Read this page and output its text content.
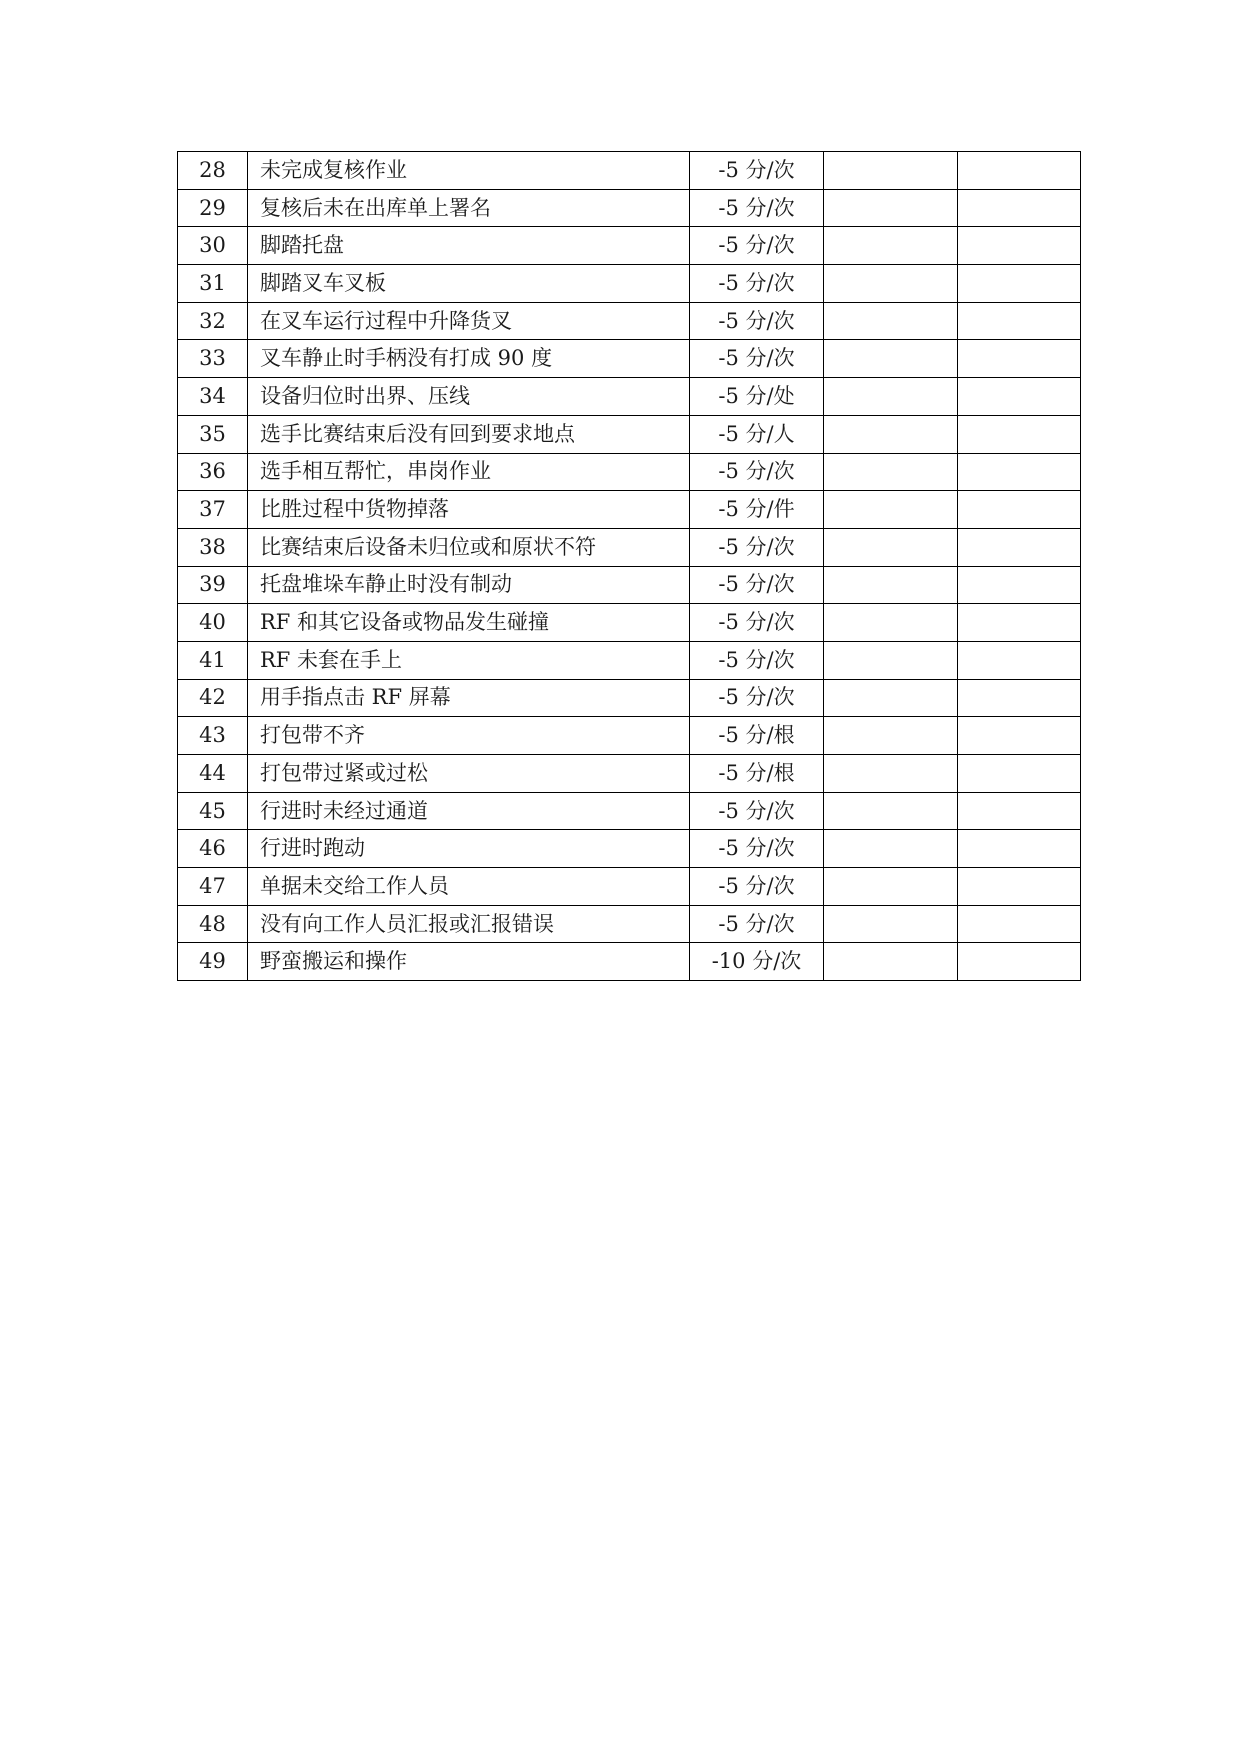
28	未完成复核作业	-5 分/次		
29	复核后未在出库单上署名	-5 分/次		
30	脚踏托盘	-5 分/次		
31	脚踏叉车叉板	-5 分/次		
32	在叉车运行过程中升降货叉	-5 分/次		
33	叉车静止时手柄没有打成 90 度	-5 分/次		
34	设备归位时出界、压线	-5 分/处		
35	选手比赛结束后没有回到要求地点	-5 分/人		
36	选手相互帮忙，串岗作业	-5 分/次		
37	比胜过程中货物掉落	-5 分/件		
38	比赛结束后设备未归位或和原状不符	-5 分/次		
39	托盘堆垛车静止时没有制动	-5 分/次		
40	RF 和其它设备或物品发生碰撞	-5 分/次		
41	RF 未套在手上	-5 分/次		
42	用手指点击 RF 屏幕	-5 分/次		
43	打包带不齐	-5 分/根		
44	打包带过紧或过松	-5 分/根		
45	行进时未经过通道	-5 分/次		
46	行进时跑动	-5 分/次		
47	单据未交给工作人员	-5 分/次		
48	没有向工作人员汇报或汇报错误	-5 分/次		
49	野蛮搬运和操作	-10 分/次		
